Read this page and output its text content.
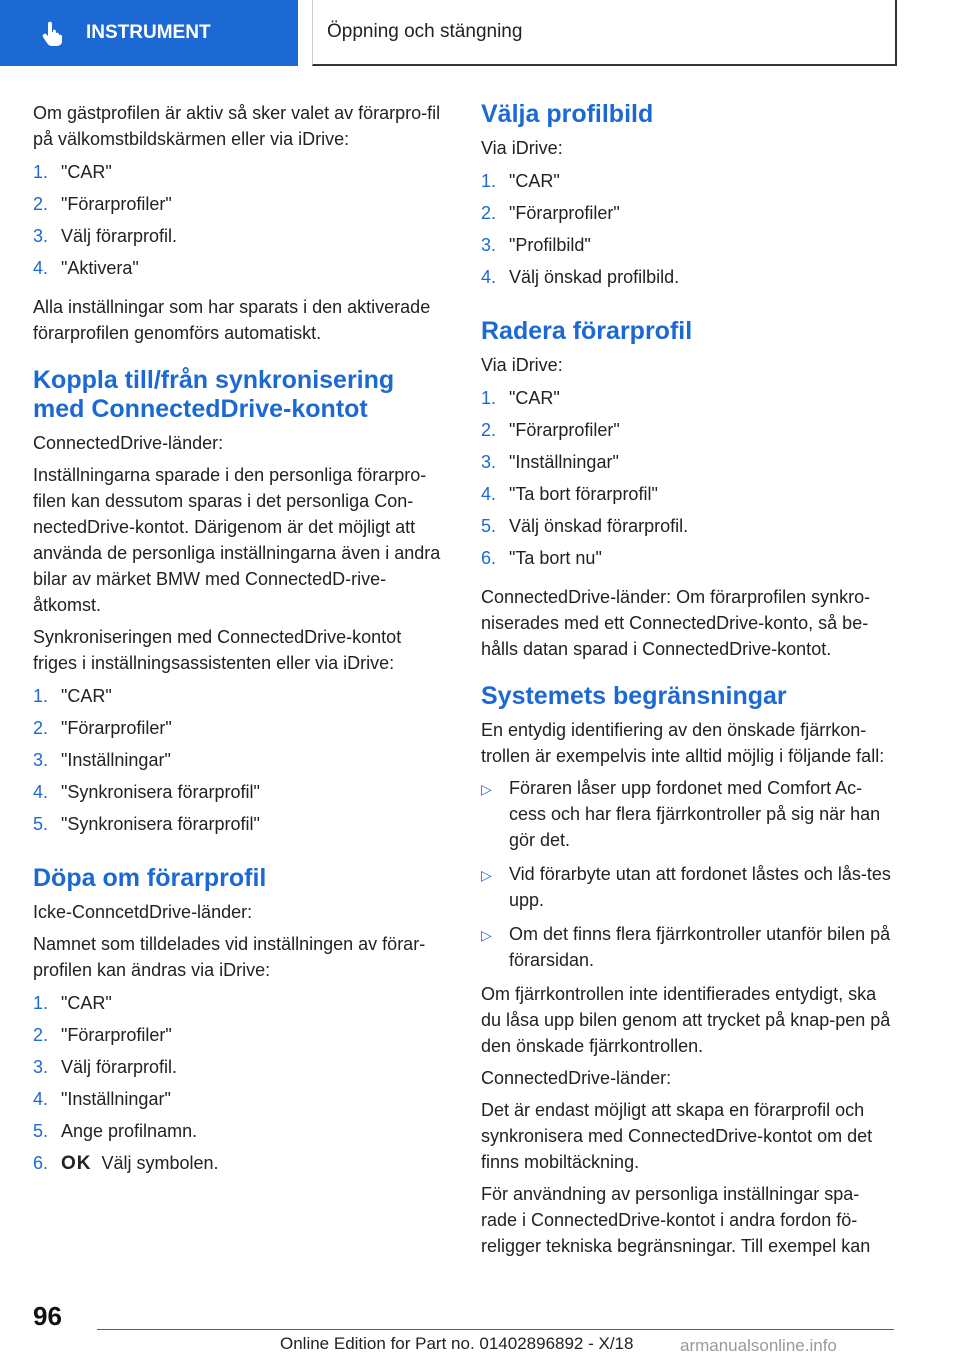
INSTRUMENT	Öppning och stängning

Om gästprofilen är aktiv så sker valet av förarpro-fil på välkomstbildskärmen eller via iDrive:

1. "CAR"
2. "Förarprofiler"
3. Välj förarprofil.
4. "Aktivera"

Alla inställningar som har sparats i den aktiverade förarprofilen genomförs automatiskt.

Koppla till/från synkronisering med ConnectedDrive-kontot

ConnectedDrive-länder:

Inställningarna sparade i den personliga förarpro-filen kan dessutom sparas i det personliga Con-nectedDrive-kontot. Därigenom är det möjligt att använda de personliga inställningarna även i andra bilar av märket BMW med ConnectedD-rive-åtkomst.

Synkroniseringen med ConnectedDrive-kontot friges i inställningsassistenten eller via iDrive:

1. "CAR"
2. "Förarprofiler"
3. "Inställningar"
4. "Synkronisera förarprofil"
5. "Synkronisera förarprofil"
Döpa om förarprofil

Icke-ConncetdDrive-länder:

Namnet som tilldelades vid inställningen av förar-profilen kan ändras via iDrive:

1. "CAR"
2. "Förarprofiler"
3. Välj förarprofil.
4. "Inställningar"
5. Ange profilnamn.
6. OK Välj symbolen.
Välja profilbild

Via iDrive:

1. "CAR"
2. "Förarprofiler"
3. "Profilbild"
4. Välj önskad profilbild.
Radera förarprofil

Via iDrive:

1. "CAR"
2. "Förarprofiler"
3. "Inställningar"
4. "Ta bort förarprofil"
5. Välj önskad förarprofil.
6. "Ta bort nu"

ConnectedDrive-länder: Om förarprofilen synkro-niserades med ett ConnectedDrive-konto, så be-hålls datan sparad i ConnectedDrive-kontot.

Systemets begränsningar

En entydig identifiering av den önskade fjärrkon-trollen är exempelvis inte alltid möjlig i följande fall:

▷ Föraren låser upp fordonet med Comfort Ac-cess och har flera fjärrkontroller på sig när han gör det.
▷ Vid förarbyte utan att fordonet låstes och lås-tes upp.
▷ Om det finns flera fjärrkontroller utanför bilen på förarsidan.

Om fjärrkontrollen inte identifierades entydigt, ska du låsa upp bilen genom att trycket på knap-pen på den önskade fjärrkontrollen.

ConnectedDrive-länder:

Det är endast möjligt att skapa en förarprofil och synkronisera med ConnectedDrive-kontot om det finns mobiltäckning.

För användning av personliga inställningar spa-rade i ConnectedDrive-kontot i andra fordon fö-religger tekniska begränsningar. Till exempel kan

96
Online Edition for Part no. 01402896892 - X/18	armanualsonline.info
